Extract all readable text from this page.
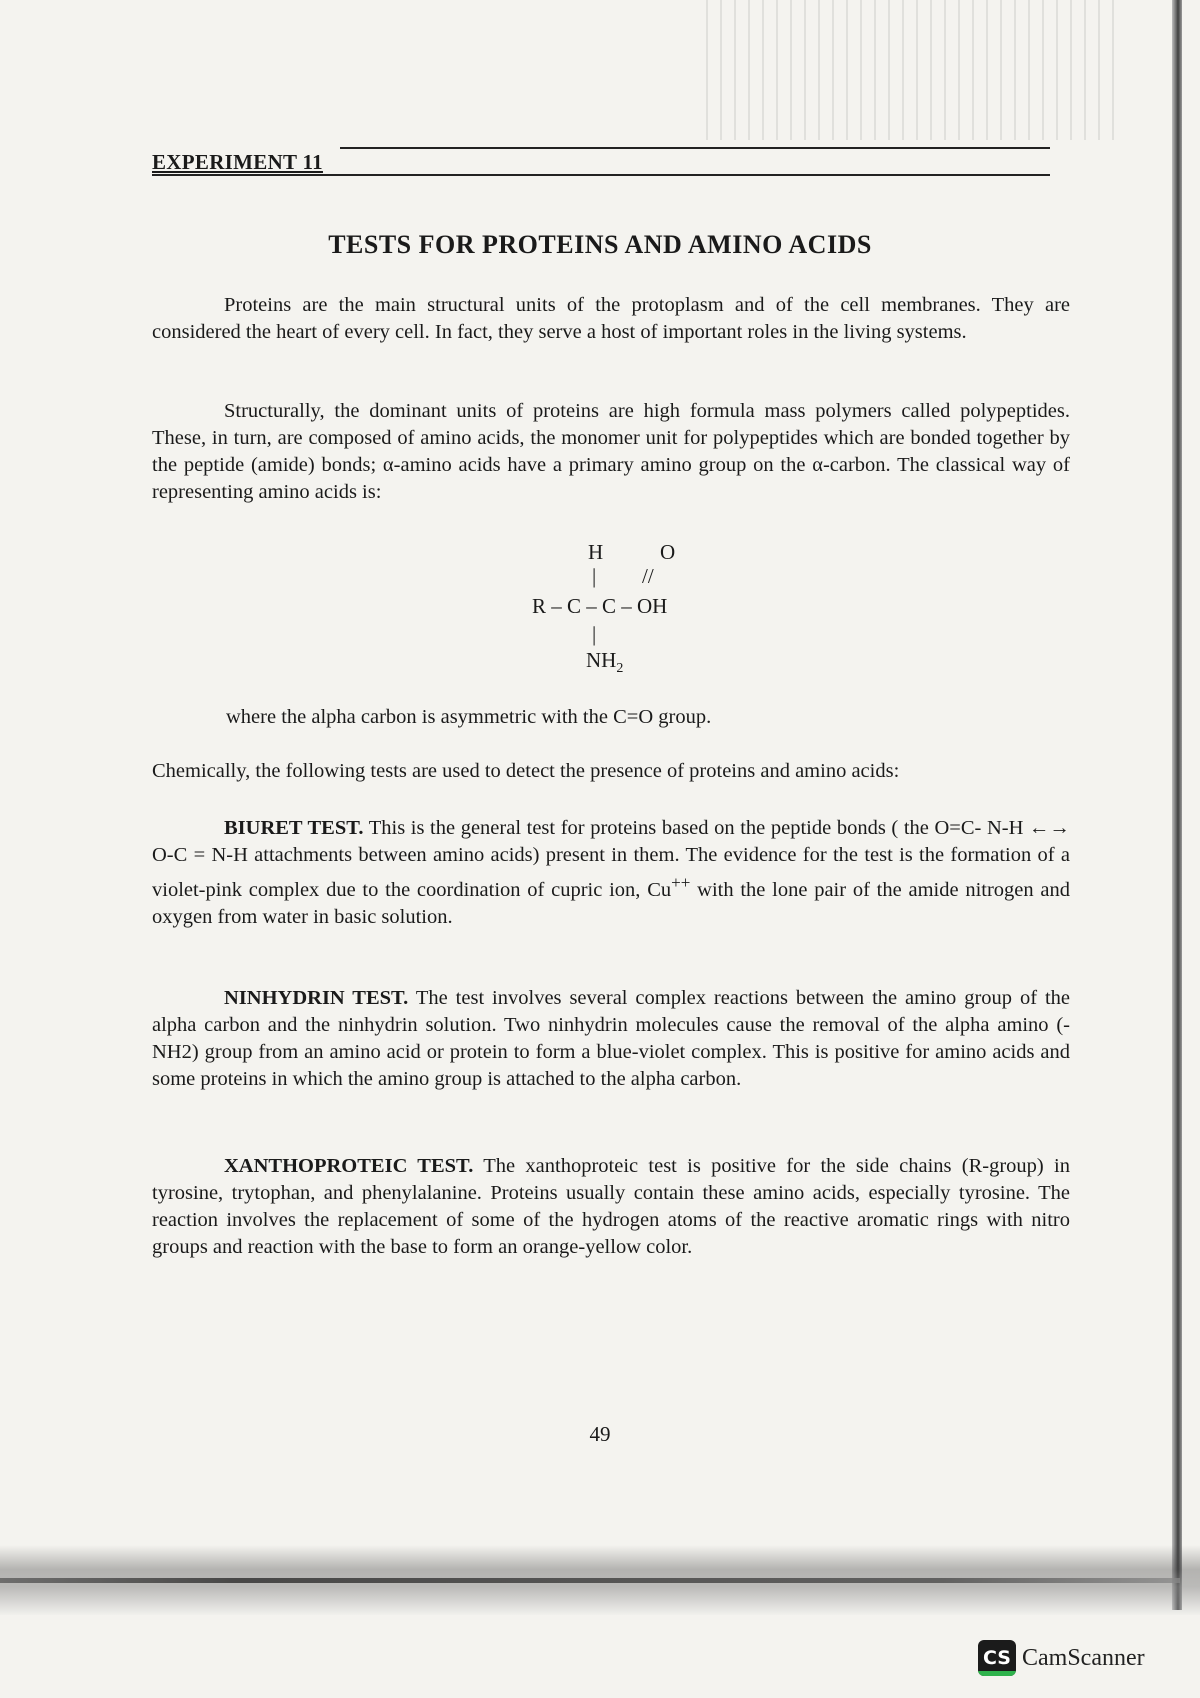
EXPERIMENT 11
TESTS FOR PROTEINS AND AMINO ACIDS

Proteins are the main structural units of the protoplasm and of the cell membranes. They are considered the heart of every cell. In fact, they serve a host of important roles in the living systems.

Structurally, the dominant units of proteins are high formula mass polymers called polypeptides. These, in turn, are composed of amino acids, the monomer unit for polypeptides which are bonded together by the peptide (amide) bonds; α-amino acids have a primary amino group on the α-carbon. The classical way of representing amino acids is:

H	O
| //
R – C – C – OH
|
$NH_2$
where the alpha carbon is asymmetric with the C=O group.
Chemically, the following tests are used to detect the presence of proteins and amino acids:

BIURET TEST. This is the general test for proteins based on the peptide bonds ( the O=C- N-H ←→ O-C = N-H attachments between amino acids) present in them. The evidence for the test is the formation of a violet-pink complex due to the coordination of cupric ion, Cu++ with the lone pair of the amide nitrogen and oxygen from water in basic solution.

NINHYDRIN TEST. The test involves several complex reactions between the amino group of the alpha carbon and the ninhydrin solution. Two ninhydrin molecules cause the removal of the alpha amino (-NH2) group from an amino acid or protein to form a blue-violet complex. This is positive for amino acids and some proteins in which the amino group is attached to the alpha carbon.

XANTHOPROTEIC TEST. The xanthoproteic test is positive for the side chains (R-group) in tyrosine, trytophan, and phenylalanine. Proteins usually contain these amino acids, especially tyrosine. The reaction involves the replacement of some of the hydrogen atoms of the reactive aromatic rings with nitro groups and reaction with the base to form an orange-yellow color.

49
CS CamScanner
